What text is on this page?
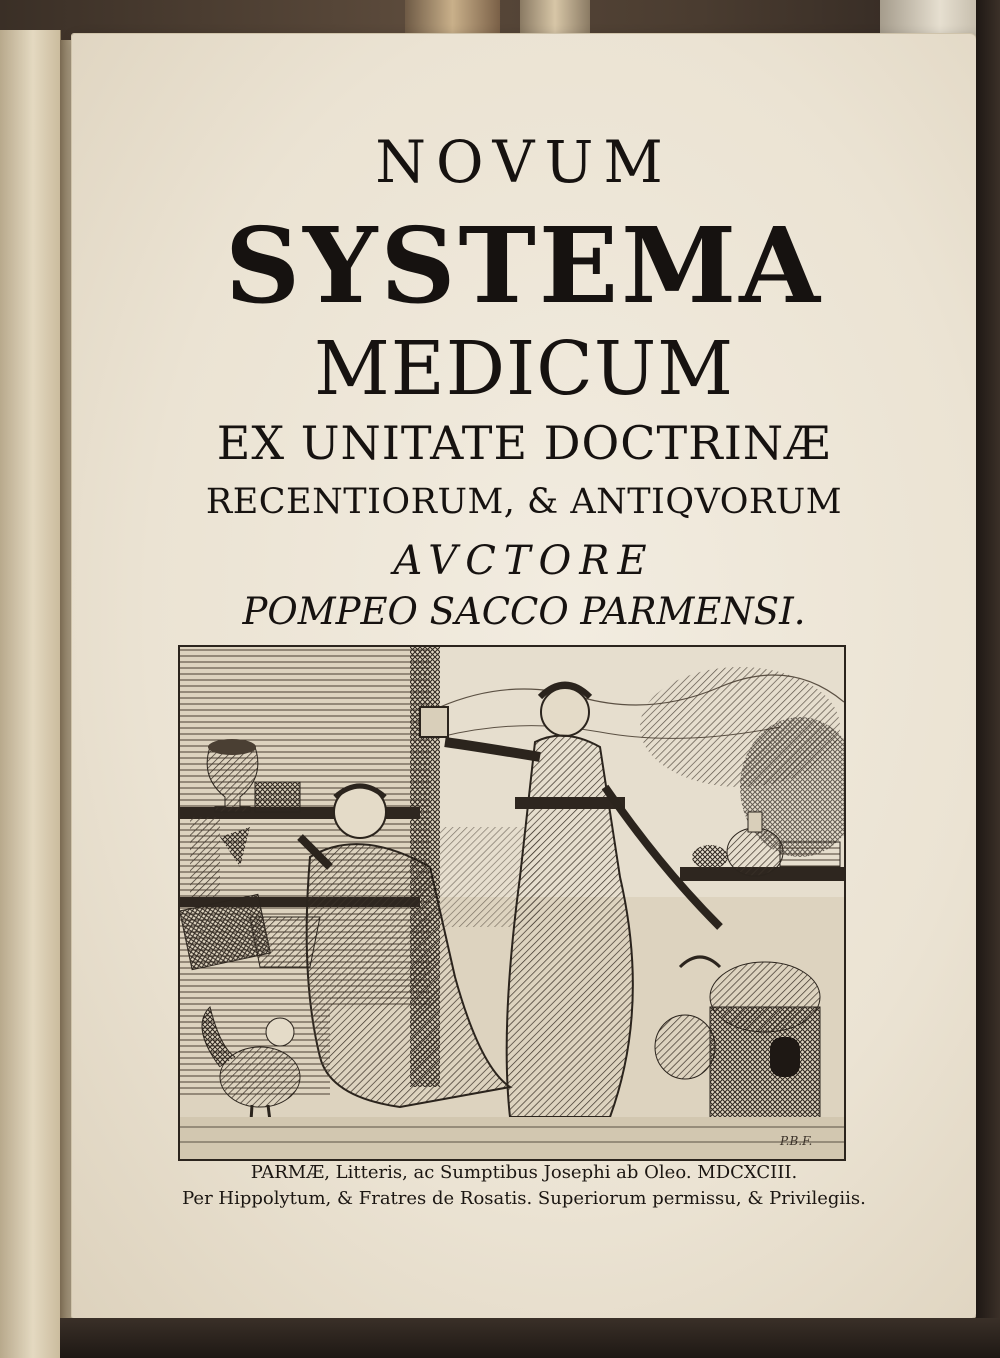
NOVUM

SYSTEMA

MEDICUM

EX UNITATE DOCTRINÆ

RECENTIORUM, & ANTIQVORUM

AVCTORE

POMPEO SACCO PARMENSI.

P.B.F.

PARMÆ, Litteris, ac Sumptibus Josephi ab Oleo. MDCXCIII.

Per Hippolytum, & Fratres de Rosatis. Superiorum permissu, & Privilegiis.
